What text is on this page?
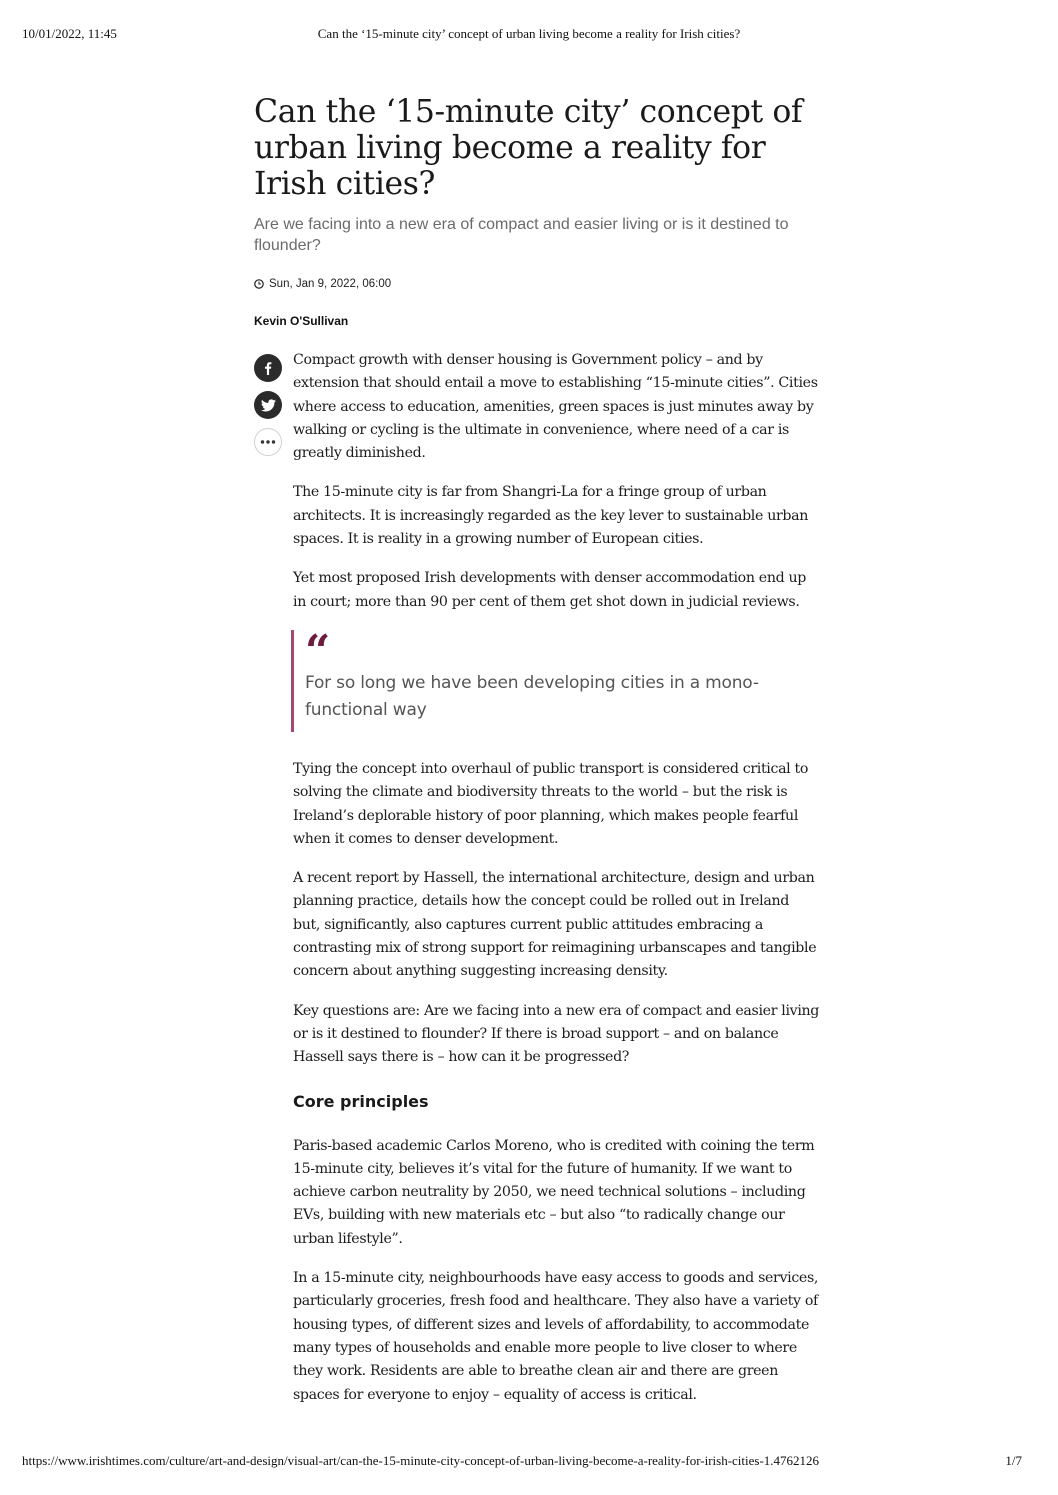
10/01/2022, 11:45	Can the ‘15-minute city’ concept of urban living become a reality for Irish cities?
Can the ‘15-minute city’ concept of urban living become a reality for Irish cities?

Are we facing into a new era of compact and easier living or is it destined to flounder?

Sun, Jan 9, 2022, 06:00
Kevin O'Sullivan

Compact growth with denser housing is Government policy – and by extension that should entail a move to establishing “15-minute cities”. Cities where access to education, amenities, green spaces is just minutes away by walking or cycling is the ultimate in convenience, where need of a car is greatly diminished.

The 15-minute city is far from Shangri-La for a fringe group of urban architects. It is increasingly regarded as the key lever to sustainable urban spaces. It is reality in a growing number of European cities.

Yet most proposed Irish developments with denser accommodation end up in court; more than 90 per cent of them get shot down in judicial reviews.

“
For so long we have been developing cities in a mono-functional way

Tying the concept into overhaul of public transport is considered critical to solving the climate and biodiversity threats to the world – but the risk is Ireland’s deplorable history of poor planning, which makes people fearful when it comes to denser development.

A recent report by Hassell, the international architecture, design and urban planning practice, details how the concept could be rolled out in Ireland but, significantly, also captures current public attitudes embracing a contrasting mix of strong support for reimagining urbanscapes and tangible concern about anything suggesting increasing density.

Key questions are: Are we facing into a new era of compact and easier living or is it destined to flounder? If there is broad support – and on balance Hassell says there is – how can it be progressed?

Core principles

Paris-based academic Carlos Moreno, who is credited with coining the term 15-minute city, believes it’s vital for the future of humanity. If we want to achieve carbon neutrality by 2050, we need technical solutions – including EVs, building with new materials etc – but also “to radically change our urban lifestyle”.

In a 15-minute city, neighbourhoods have easy access to goods and services, particularly groceries, fresh food and healthcare. They also have a variety of housing types, of different sizes and levels of affordability, to accommodate many types of households and enable more people to live closer to where they work. Residents are able to breathe clean air and there are green spaces for everyone to enjoy – equality of access is critical.

https://www.irishtimes.com/culture/art-and-design/visual-art/can-the-15-minute-city-concept-of-urban-living-become-a-reality-for-irish-cities-1.4762126	1/7
